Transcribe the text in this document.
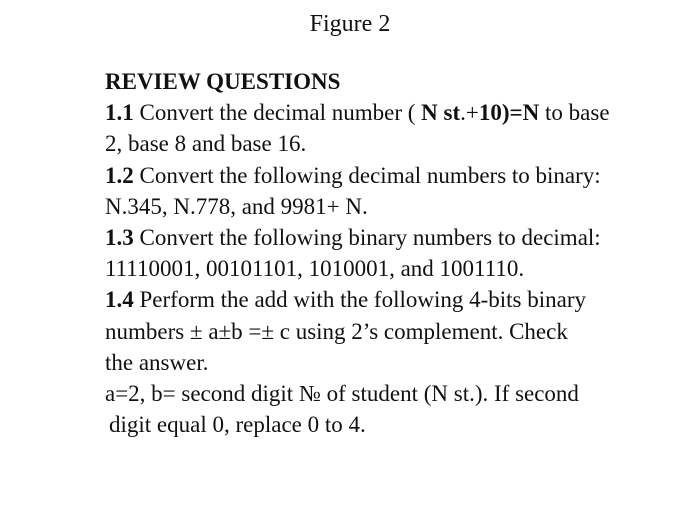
Figure 2
REVIEW QUESTIONS
1.1 Convert the decimal number ( N st.+10)=N to base
2, base 8 and base 16.
1.2 Convert the following decimal numbers to binary:
N.345, N.778, and 9981+ N.
1.3 Convert the following binary numbers to decimal:
11110001, 00101101, 1010001, and 1001110.
1.4 Perform the add with the following 4-bits binary
numbers ± a±b =± c using 2’s complement. Check
the answer.
a=2, b= second digit № of student (N st.). If second
digit equal 0, replace 0 to 4.
